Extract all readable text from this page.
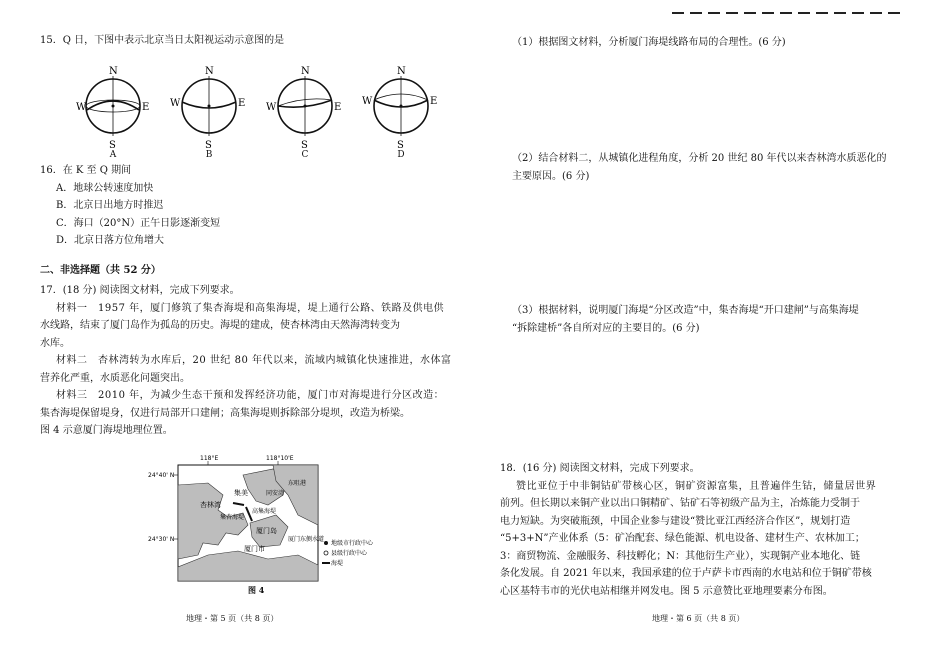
15．Q 日，下图中表示北京当日太阳视运动示意图的是

N
S
W	E
A
N
S
W	E
B
N
S
W	E
C
N
S
W	E
D

16．在 K 至 Q 期间

A．地球公转速度加快

B．北京日出地方时推迟

C．海口（20°N）正午日影逐渐变短

D．北京日落方位角增大

二、非选择题（共 52 分）

17．(18 分) 阅读图文材料，完成下列要求。

材料一　1957 年，厦门修筑了集杏海堤和高集海堤，堤上通行公路、铁路及供电供

水线路，结束了厦门岛作为孤岛的历史。海堤的建成，使杏林湾由天然海湾转变为

水库。

材料二　杏林湾转为水库后，20 世纪 80 年代以来，流域内城镇化快速推进，水体富

营养化严重，水质恶化问题突出。

材料三　2010 年，为减少生态干预和发挥经济功能，厦门市对海堤进行分区改造：

集杏海堤保留堤身，仅进行局部开口建闸；高集海堤则拆除部分堤坝，改造为桥梁。

图 4 示意厦门海堤地理位置。

118°E	118°10'E
24°40' N
24°30' N
杏林湾
集美
集杏海堤
高集海堤
厦门岛
厦门市
同安湾
东咀港
厦门东侧水道
地级市行政中心
县级行政中心
海堤

图 4

地理・第 5 页（共 8 页）

（1）根据图文材料，分析厦门海堤线路布局的合理性。(6 分)

（2）结合材料二，从城镇化进程角度，分析 20 世纪 80 年代以来杏林湾水质恶化的

主要原因。(6 分)

（3）根据材料，说明厦门海堤“分区改造”中，集杏海堤“开口建闸”与高集海堤

“拆除建桥”各自所对应的主要目的。(6 分)

18．(16 分) 阅读图文材料，完成下列要求。

赞比亚位于中非铜钴矿带核心区，铜矿资源富集，且普遍伴生钴，储量居世界

前列。但长期以来铜产业以出口铜精矿、钴矿石等初级产品为主，冶炼能力受制于

电力短缺。为突破瓶颈，中国企业参与建设“赞比亚江西经济合作区”，规划打造

“5+3+N”产业体系（5：矿冶配套、绿色能源、机电设备、建材生产、农林加工；

3：商贸物流、金融服务、科技孵化；N：其他衍生产业），实现铜产业本地化、链

条化发展。自 2021 年以来，我国承建的位于卢萨卡市西南的水电站和位于铜矿带核

心区基特韦市的光伏电站相继并网发电。图 5 示意赞比亚地理要素分布图。

地理・第 6 页（共 8 页）
